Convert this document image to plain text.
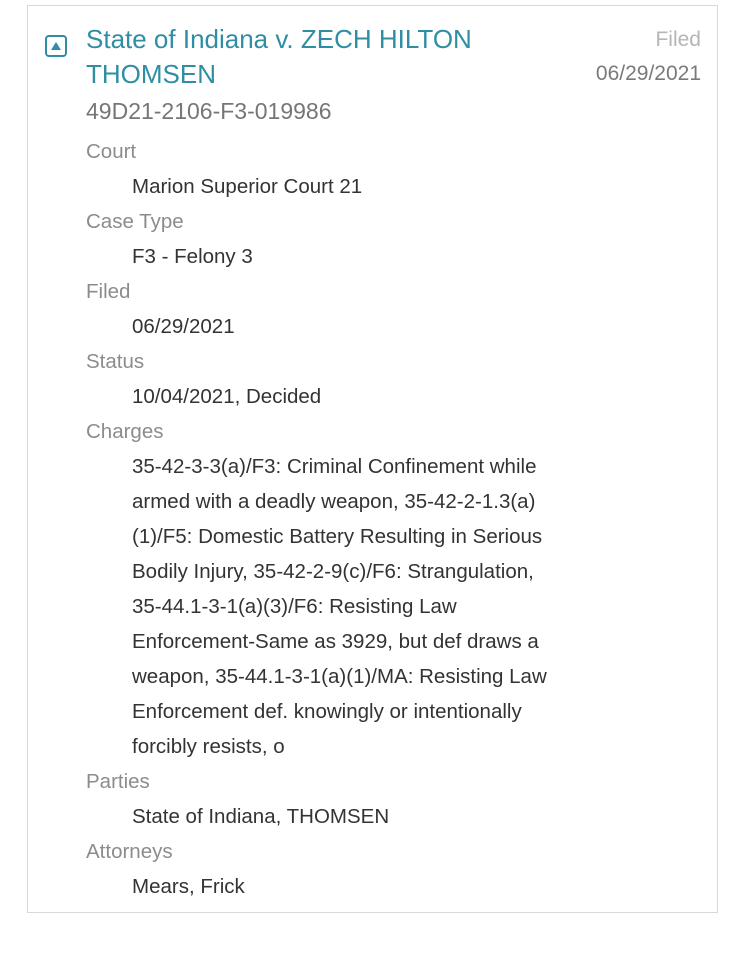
State of Indiana v. ZECH HILTON THOMSEN
Filed
06/29/2021
49D21-2106-F3-019986
Court
Marion Superior Court 21
Case Type
F3 - Felony 3
Filed
06/29/2021
Status
10/04/2021, Decided
Charges
35-42-3-3(a)/F3: Criminal Confinement while armed with a deadly weapon, 35-42-2-1.3(a)(1)/F5: Domestic Battery Resulting in Serious Bodily Injury, 35-42-2-9(c)/F6: Strangulation, 35-44.1-3-1(a)(3)/F6: Resisting Law Enforcement-Same as 3929, but def draws a weapon, 35-44.1-3-1(a)(1)/MA: Resisting Law Enforcement def. knowingly or intentionally forcibly resists, o
Parties
State of Indiana, THOMSEN
Attorneys
Mears, Frick
